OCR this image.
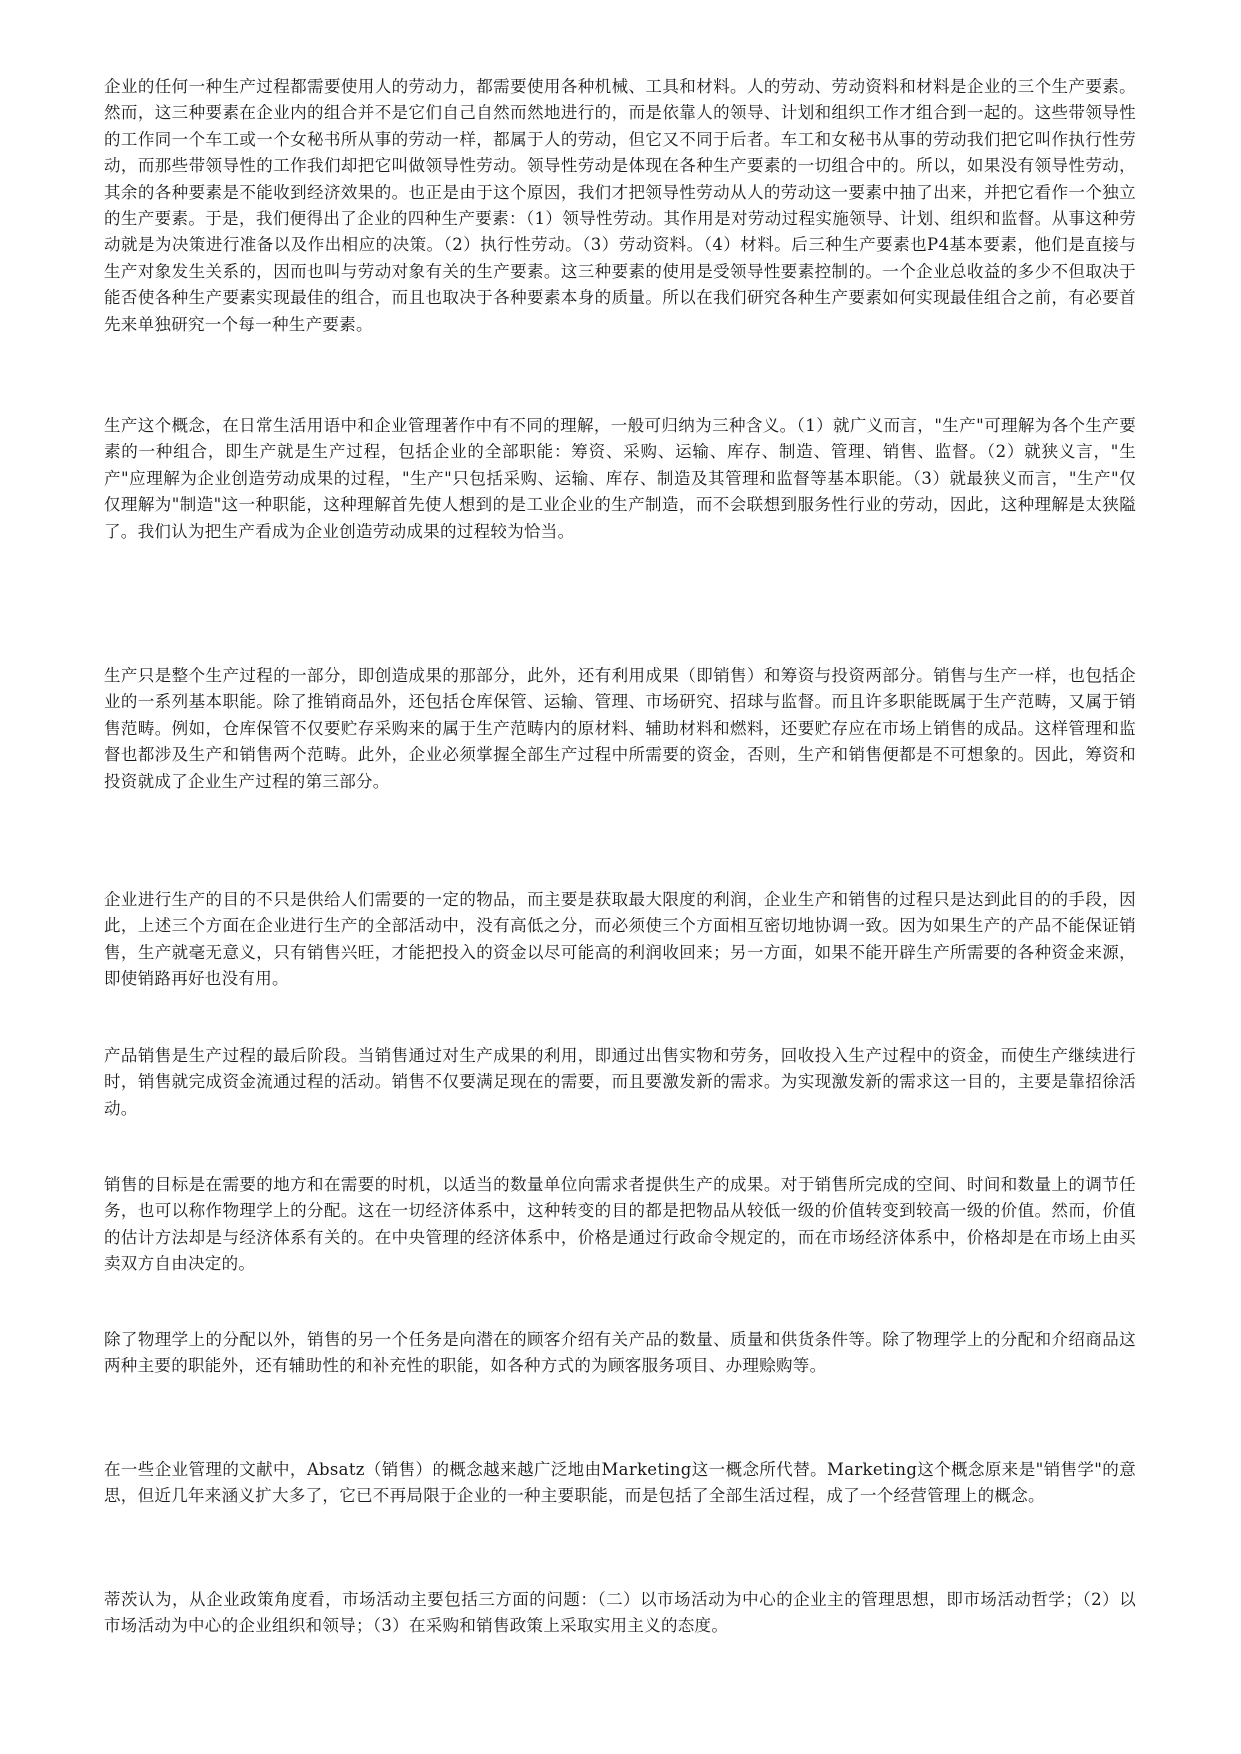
企业的任何一种生产过程都需要使用人的劳动力，都需要使用各种机械、工具和材料。人的劳动、劳动资料和材料是企业的三个生产要素。然而，这三种要素在企业内的组合并不是它们自己自然而然地进行的，而是依靠人的领导、计划和组织工作才组合到一起的。这些带领导性的工作同一个车工或一个女秘书所从事的劳动一样，都属于人的劳动，但它又不同于后者。车工和女秘书从事的劳动我们把它叫作执行性劳动，而那些带领导性的工作我们却把它叫做领导性劳动。领导性劳动是体现在各种生产要素的一切组合中的。所以，如果没有领导性劳动，其余的各种要素是不能收到经济效果的。也正是由于这个原因，我们才把领导性劳动从人的劳动这一要素中抽了出来，并把它看作一个独立的生产要素。于是，我们便得出了企业的四种生产要素：（1）领导性劳动。其作用是对劳动过程实施领导、计划、组织和监督。从事这种劳动就是为决策进行准备以及作出相应的决策。（2）执行性劳动。（3）劳动资料。（4）材料。后三种生产要素也P4基本要素，他们是直接与生产对象发生关系的，因而也叫与劳动对象有关的生产要素。这三种要素的使用是受领导性要素控制的。一个企业总收益的多少不但取决于能否使各种生产要素实现最佳的组合，而且也取决于各种要素本身的质量。所以在我们研究各种生产要素如何实现最佳组合之前，有必要首先来单独研究一个每一种生产要素。

生产这个概念，在日常生活用语中和企业管理著作中有不同的理解，一般可归纳为三种含义。（1）就广义而言，"生产"可理解为各个生产要素的一种组合，即生产就是生产过程，包括企业的全部职能：筹资、采购、运输、库存、制造、管理、销售、监督。（2）就狭义言，"生产"应理解为企业创造劳动成果的过程，"生产"只包括采购、运输、库存、制造及其管理和监督等基本职能。（3）就最狭义而言，"生产"仅仅理解为"制造"这一种职能，这种理解首先使人想到的是工业企业的生产制造，而不会联想到服务性行业的劳动，因此，这种理解是太狭隘了。我们认为把生产看成为企业创造劳动成果的过程较为恰当。

生产只是整个生产过程的一部分，即创造成果的那部分，此外，还有利用成果（即销售）和筹资与投资两部分。销售与生产一样，也包括企业的一系列基本职能。除了推销商品外，还包括仓库保管、运输、管理、市场研究、招球与监督。而且许多职能既属于生产范畴，又属于销售范畴。例如，仓库保管不仅要贮存采购来的属于生产范畴内的原材料、辅助材料和燃料，还要贮存应在市场上销售的成品。这样管理和监督也都涉及生产和销售两个范畴。此外，企业必须掌握全部生产过程中所需要的资金，否则，生产和销售便都是不可想象的。因此，筹资和投资就成了企业生产过程的第三部分。

企业进行生产的目的不只是供给人们需要的一定的物品，而主要是获取最大限度的利润，企业生产和销售的过程只是达到此目的的手段，因此，上述三个方面在企业进行生产的全部活动中，没有高低之分，而必须使三个方面相互密切地协调一致。因为如果生产的产品不能保证销售，生产就毫无意义，只有销售兴旺，才能把投入的资金以尽可能高的利润收回来；另一方面，如果不能开辟生产所需要的各种资金来源，即使销路再好也没有用。

产品销售是生产过程的最后阶段。当销售通过对生产成果的利用，即通过出售实物和劳务，回收投入生产过程中的资金，而使生产继续进行时，销售就完成资金流通过程的活动。销售不仅要满足现在的需要，而且要激发新的需求。为实现激发新的需求这一目的，主要是靠招徐活动。

销售的目标是在需要的地方和在需要的时机，以适当的数量单位向需求者提供生产的成果。对于销售所完成的空间、时间和数量上的调节任务，也可以称作物理学上的分配。这在一切经济体系中，这种转变的目的都是把物品从较低一级的价值转变到较高一级的价值。然而，价值的估计方法却是与经济体系有关的。在中央管理的经济体系中，价格是通过行政命令规定的，而在市场经济体系中，价格却是在市场上由买卖双方自由决定的。

除了物理学上的分配以外，销售的另一个任务是向潜在的顾客介绍有关产品的数量、质量和供货条件等。除了物理学上的分配和介绍商品这两种主要的职能外，还有辅助性的和补充性的职能，如各种方式的为顾客服务项目、办理赊购等。

在一些企业管理的文献中，Absatz（销售）的概念越来越广泛地由Marketing这一概念所代替。Marketing这个概念原来是"销售学"的意思，但近几年来涵义扩大多了，它已不再局限于企业的一种主要职能，而是包括了全部生活过程，成了一个经营管理上的概念。

蒂茨认为，从企业政策角度看，市场活动主要包括三方面的问题：（二）以市场活动为中心的企业主的管理思想，即市场活动哲学；（2）以市场活动为中心的企业组织和领导；（3）在采购和销售政策上采取实用主义的态度。
